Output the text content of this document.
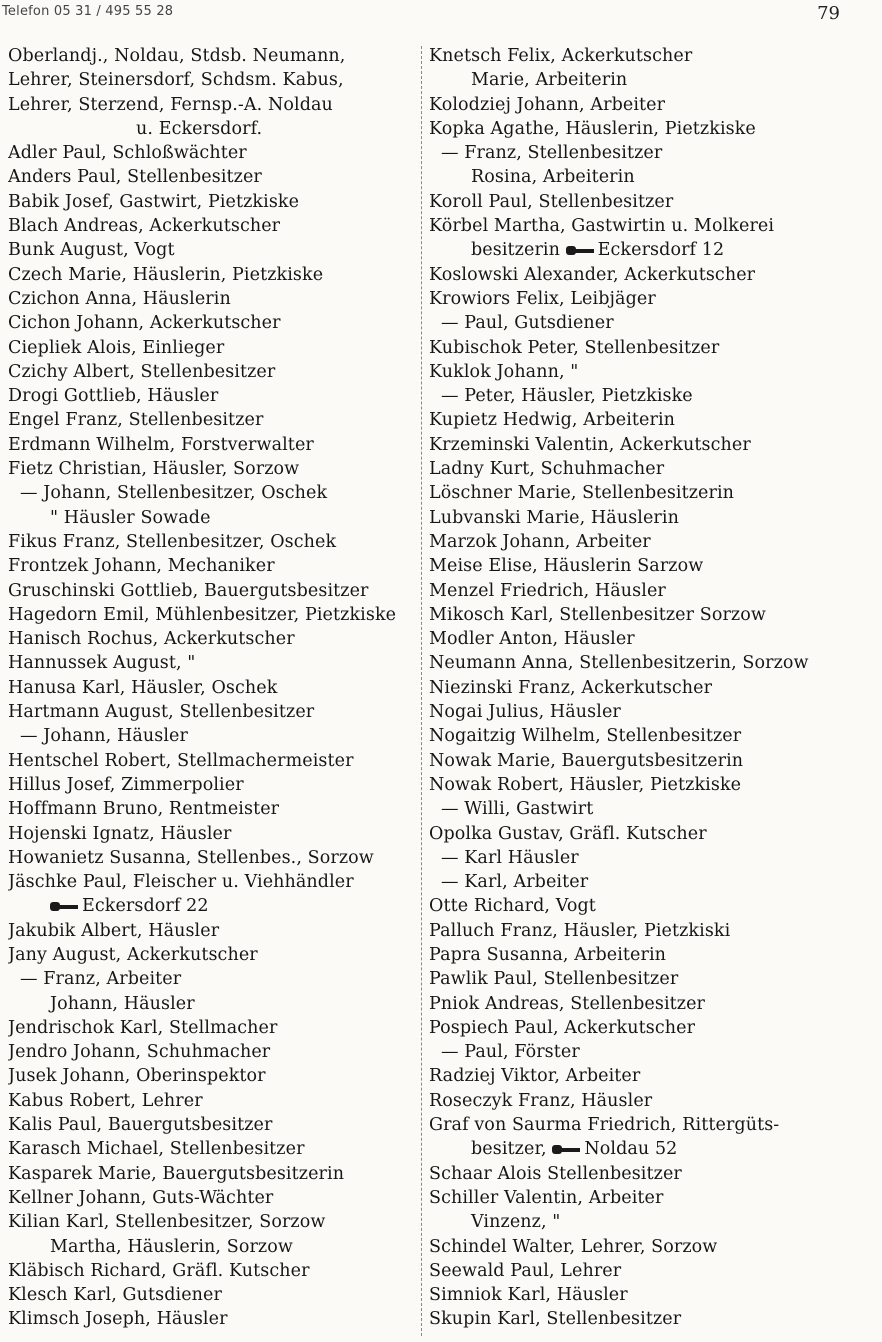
Telefon 05 31 / 495 55 28	79
Oberlandj., Noldau, Stdsb. Neumann,
Lehrer, Steinersdorf, Schdsm. Kabus,
Lehrer, Sterzend, Fernsp.-A. Noldau
u. Eckersdorf.
Adler Paul, Schloßwächter
Anders Paul, Stellenbesitzer
Babik Josef, Gastwirt, Pietzkiske
Blach Andreas, Ackerkutscher
Bunk August, Vogt
Czech Marie, Häuslerin, Pietzkiske
Czichon Anna, Häuslerin
Cichon Johann, Ackerkutscher
Ciepliek Alois, Einlieger
Czichy Albert, Stellenbesitzer
Drogi Gottlieb, Häusler
Engel Franz, Stellenbesitzer
Erdmann Wilhelm, Forstverwalter
Fietz Christian, Häusler, Sorzow
— Johann, Stellenbesitzer, Oschek
" Häusler Sowade
Fikus Franz, Stellenbesitzer, Oschek
Frontzek Johann, Mechaniker
Gruschinski Gottlieb, Bauergutsbesitzer
Hagedorn Emil, Mühlenbesitzer, Pietzkiske
Hanisch Rochus, Ackerkutscher
Hannussek August, "
Hanusa Karl, Häusler, Oschek
Hartmann August, Stellenbesitzer
— Johann, Häusler
Hentschel Robert, Stellmachermeister
Hillus Josef, Zimmerpolier
Hoffmann Bruno, Rentmeister
Hojenski Ignatz, Häusler
Howanietz Susanna, Stellenbes., Sorzow
Jäschke Paul, Fleischer u. Viehhändler
Eckersdorf 22
Jakubik Albert, Häusler
Jany August, Ackerkutscher
— Franz, Arbeiter
Johann, Häusler
Jendrischok Karl, Stellmacher
Jendro Johann, Schuhmacher
Jusek Johann, Oberinspektor
Kabus Robert, Lehrer
Kalis Paul, Bauergutsbesitzer
Karasch Michael, Stellenbesitzer
Kasparek Marie, Bauergutsbesitzerin
Kellner Johann, Guts-Wächter
Kilian Karl, Stellenbesitzer, Sorzow
Martha, Häuslerin, Sorzow
Kläbisch Richard, Gräfl. Kutscher
Klesch Karl, Gutsdiener
Klimsch Joseph, Häusler
Knetsch Felix, Ackerkutscher
Marie, Arbeiterin
Kolodziej Johann, Arbeiter
Kopka Agathe, Häuslerin, Pietzkiske
— Franz, Stellenbesitzer
Rosina, Arbeiterin
Koroll Paul, Stellenbesitzer
Körbel Martha, Gastwirtin u. Molkerei
besitzerin Eckersdorf 12
Koslowski Alexander, Ackerkutscher
Krowiors Felix, Leibjäger
— Paul, Gutsdiener
Kubischok Peter, Stellenbesitzer
Kuklok Johann, "
— Peter, Häusler, Pietzkiske
Kupietz Hedwig, Arbeiterin
Krzeminski Valentin, Ackerkutscher
Ladny Kurt, Schuhmacher
Löschner Marie, Stellenbesitzerin
Lubvanski Marie, Häuslerin
Marzok Johann, Arbeiter
Meise Elise, Häuslerin Sarzow
Menzel Friedrich, Häusler
Mikosch Karl, Stellenbesitzer Sorzow
Modler Anton, Häusler
Neumann Anna, Stellenbesitzerin, Sorzow
Niezinski Franz, Ackerkutscher
Nogai Julius, Häusler
Nogaitzig Wilhelm, Stellenbesitzer
Nowak Marie, Bauergutsbesitzerin
Nowak Robert, Häusler, Pietzkiske
— Willi, Gastwirt
Opolka Gustav, Gräfl. Kutscher
— Karl Häusler
— Karl, Arbeiter
Otte Richard, Vogt
Palluch Franz, Häusler, Pietzkiski
Papra Susanna, Arbeiterin
Pawlik Paul, Stellenbesitzer
Pniok Andreas, Stellenbesitzer
Pospiech Paul, Ackerkutscher
— Paul, Förster
Radziej Viktor, Arbeiter
Roseczyk Franz, Häusler
Graf von Saurma Friedrich, Rittergüts-
besitzer, Noldau 52
Schaar Alois Stellenbesitzer
Schiller Valentin, Arbeiter
Vinzenz, "
Schindel Walter, Lehrer, Sorzow
Seewald Paul, Lehrer
Simniok Karl, Häusler
Skupin Karl, Stellenbesitzer
